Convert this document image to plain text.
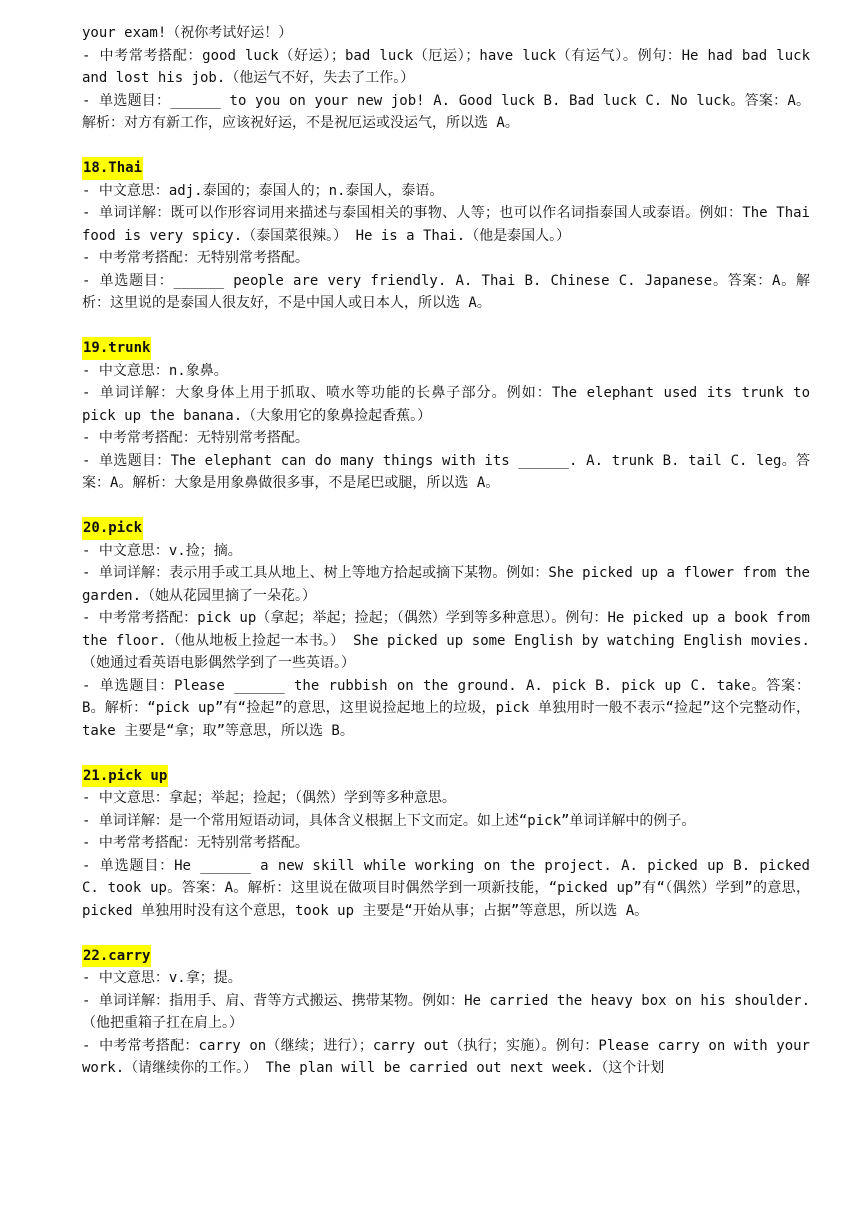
your exam!（祝你考试好运！）
- 中考常考搭配：good luck（好运）；bad luck（厄运）；have luck（有运气）。例句：He had bad luck and lost his job.（他运气不好，失去了工作。）
- 单选题目：______ to you on your new job! A. Good luck B. Bad luck C. No luck。答案：A。解析：对方有新工作，应该祝好运，不是祝厄运或没运气，所以选 A。
18.Thai
- 中文意思：adj.泰国的；泰国人的；n.泰国人，泰语。
- 单词详解：既可以作形容词用来描述与泰国相关的事物、人等；也可以作名词指泰国人或泰语。例如：The Thai food is very spicy.（泰国菜很辣。） He is a Thai.（他是泰国人。）
- 中考常考搭配：无特别常考搭配。
- 单选题目：______ people are very friendly. A. Thai B. Chinese C. Japanese。答案：A。解析：这里说的是泰国人很友好，不是中国人或日本人，所以选 A。
19.trunk
- 中文意思：n.象鼻。
- 单词详解：大象身体上用于抓取、喷水等功能的长鼻子部分。例如：The elephant used its trunk to pick up the banana.（大象用它的象鼻捡起香蕉。）
- 中考常考搭配：无特别常考搭配。
- 单选题目：The elephant can do many things with its ______. A. trunk B. tail C. leg。答案：A。解析：大象是用象鼻做很多事，不是尾巴或腿，所以选 A。
20.pick
- 中文意思：v.捡；摘。
- 单词详解：表示用手或工具从地上、树上等地方拾起或摘下某物。例如：She picked up a flower from the garden.（她从花园里摘了一朵花。）
- 中考常考搭配：pick up（拿起；举起；捡起；（偶然）学到等多种意思）。例句：He picked up a book from the floor.（他从地板上捡起一本书。） She picked up some English by watching English movies.（她通过看英语电影偶然学到了一些英语。）
- 单选题目：Please ______ the rubbish on the ground. A. pick B. pick up C. take。答案：B。解析：“pick up”有“捡起”的意思，这里说捡起地上的垃圾，pick 单独用时一般不表示“捡起”这个完整动作，take 主要是“拿；取”等意思，所以选 B。
21.pick up
- 中文意思：拿起；举起；捡起；（偶然）学到等多种意思。
- 单词详解：是一个常用短语动词，具体含义根据上下文而定。如上述“pick”单词详解中的例子。
- 中考常考搭配：无特别常考搭配。
- 单选题目：He ______ a new skill while working on the project. A. picked up B. picked C. took up。答案：A。解析：这里说在做项目时偶然学到一项新技能，“picked up”有“（偶然）学到”的意思，picked 单独用时没有这个意思，took up 主要是“开始从事；占据”等意思，所以选 A。
22.carry
- 中文意思：v.拿；提。
- 单词详解：指用手、肩、背等方式搬运、携带某物。例如：He carried the heavy box on his shoulder.（他把重箱子扛在肩上。）
- 中考常考搭配：carry on（继续；进行）；carry out（执行；实施）。例句：Please carry on with your work.（请继续你的工作。） The plan will be carried out next week.（这个计划
